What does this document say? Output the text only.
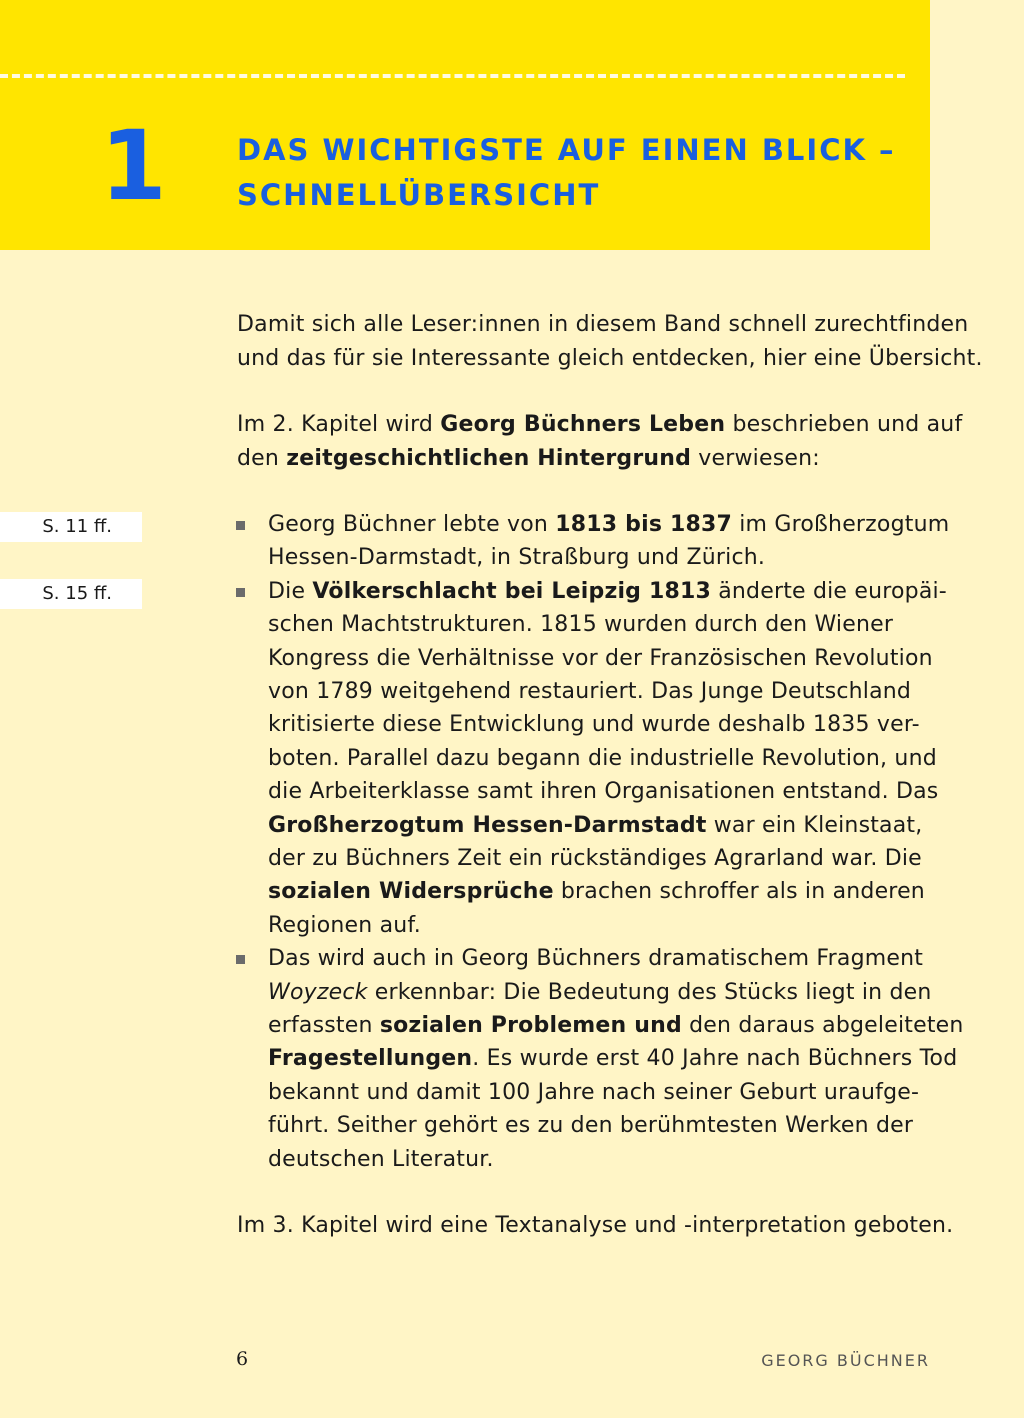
1 DAS WICHTIGSTE AUF EINEN BLICK –
SCHNELLÜBERSICHT
S. 11 ff.
S. 15 ff.
Damit sich alle Leser:innen in diesem Band schnell zurechtfinden
und das für sie Interessante gleich entdecken, hier eine Übersicht.
Im 2. Kapitel wird Georg Büchners Leben beschrieben und auf
den zeitgeschichtlichen Hintergrund verwiesen:
Georg Büchner lebte von 1813 bis 1837 im Großherzogtum
Hessen-Darmstadt, in Straßburg und Zürich.
Die Völkerschlacht bei Leipzig 1813 änderte die europäi-
schen Machtstrukturen. 1815 wurden durch den Wiener
Kongress die Verhältnisse vor der Französischen Revolution
von 1789 weitgehend restauriert. Das Junge Deutschland
kritisierte diese Entwicklung und wurde deshalb 1835 ver-
boten. Parallel dazu begann die industrielle Revolution, und
die Arbeiterklasse samt ihren Organisationen entstand. Das
Großherzogtum Hessen-Darmstadt war ein Kleinstaat,
der zu Büchners Zeit ein rückständiges Agrarland war. Die
sozialen Widersprüche brachen schroffer als in anderen
Regionen auf.
Das wird auch in Georg Büchners dramatischem Fragment
Woyzeck erkennbar: Die Bedeutung des Stücks liegt in den
erfassten sozialen Problemen und den daraus abgeleiteten
Fragestellungen. Es wurde erst 40 Jahre nach Büchners Tod
bekannt und damit 100 Jahre nach seiner Geburt uraufge-
führt. Seither gehört es zu den berühmtesten Werken der
deutschen Literatur.
Im 3. Kapitel wird eine Textanalyse und -interpretation geboten.
6	GEORG BÜCHNER
